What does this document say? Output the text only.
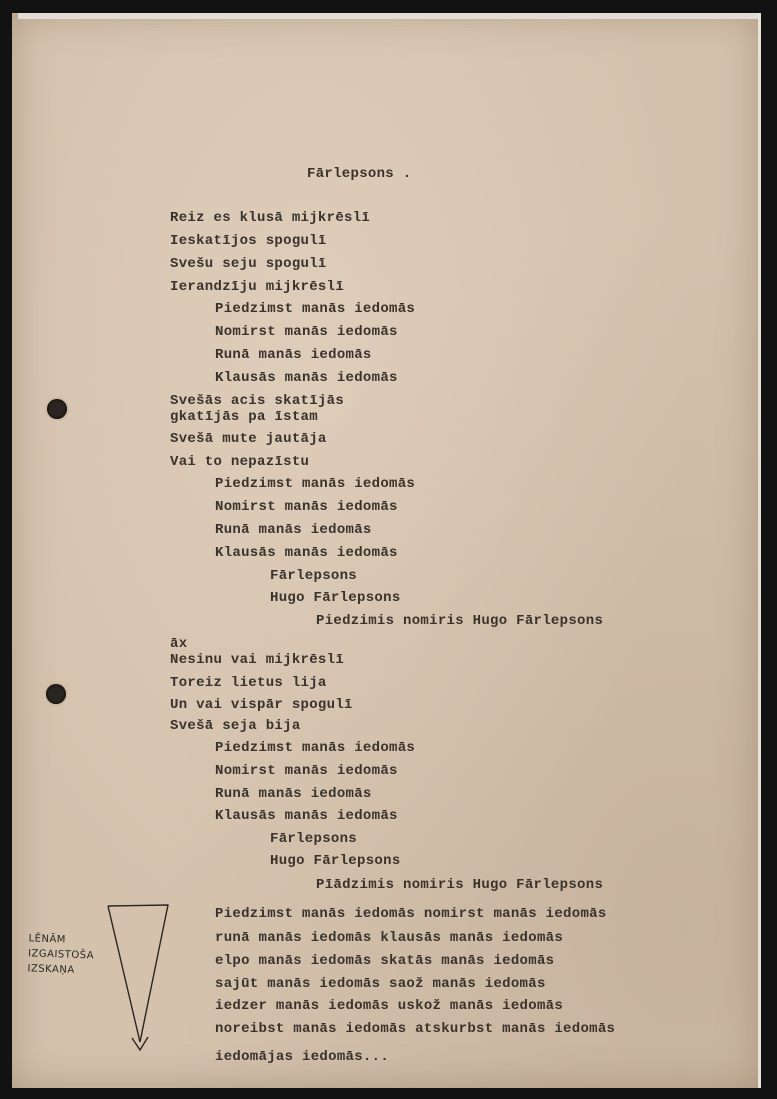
Fārlepsons .

Reiz es klusā mijkrēslī

Ieskatījos spogulī

Svešu seju spogulī

Ierandzīju mijkrēslī

Piedzimst manās iedomās

Nomirst manās iedomās

Runā manās iedomās

Klausās manās iedomās

Svešās acis skatījās

gkatījās pa īstam

Svešā mute jautāja

Vai to nepazīstu

Piedzimst manās iedomās

Nomirst manās iedomās

Runā manās iedomās

Klausās manās iedomās

Fārlepsons

Hugo Fārlepsons

Piedzimis nomiris Hugo Fārlepsons

āx

Nesinu vai mijkrēslī

Toreiz lietus lija

Un vai vispār spogulī

Svešā seja bija

Piedzimst manās iedomās

Nomirst manās iedomās

Runā manās iedomās

Klausās manās iedomās

Fārlepsons

Hugo Fārlepsons

Pīādzimis nomiris Hugo Fārlepsons

Piedzimst manās iedomās nomirst manās iedomās

runā manās iedomās klausās manās iedomās

elpo manās iedomās skatās manās iedomās

sajūt manās iedomās saož manās iedomās

iedzer manās iedomās uskož manās iedomās

noreibst manās iedomās atskurbst manās iedomās

iedomājas iedomās...

LĒNĀM
IZGAISTOŠA
IZSKAŅA
